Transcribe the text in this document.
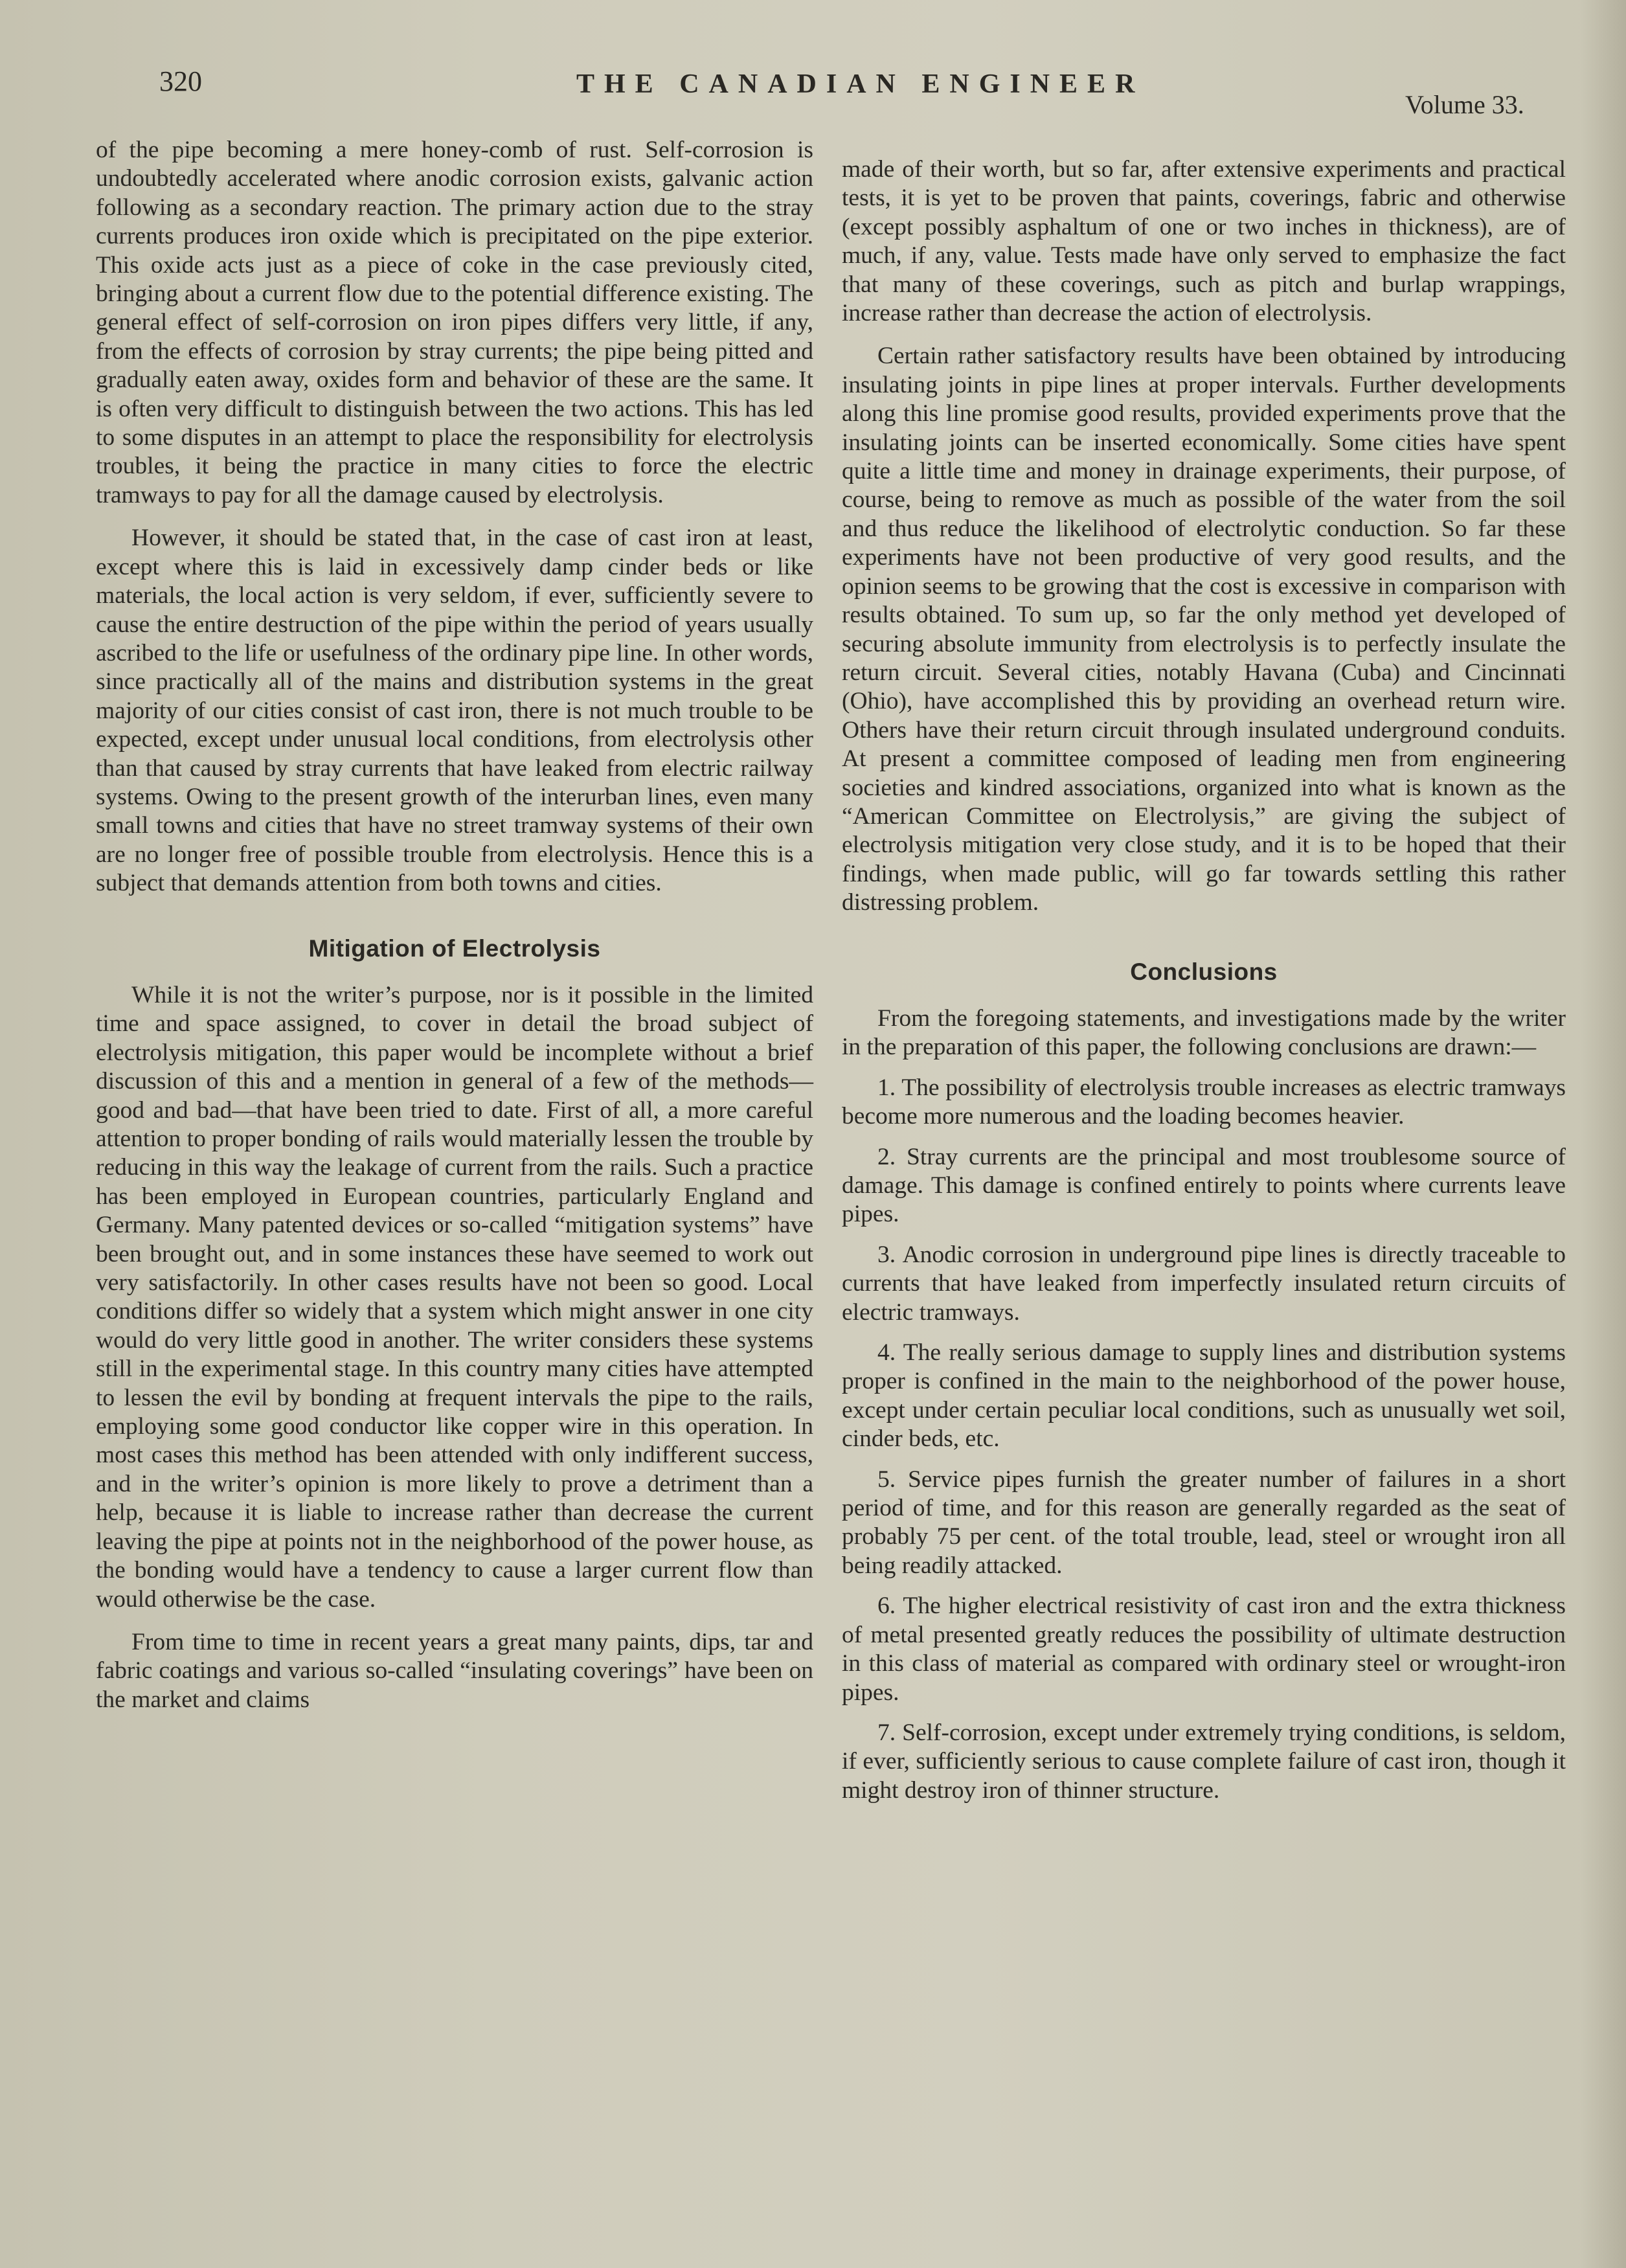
320	THE CANADIAN ENGINEER
Volume 33.

of the pipe becoming a mere honey-comb of rust. Self-corrosion is undoubtedly accelerated where anodic corrosion exists, galvanic action following as a secondary reaction. The primary action due to the stray currents produces iron oxide which is precipitated on the pipe exterior. This oxide acts just as a piece of coke in the case previously cited, bringing about a current flow due to the potential difference existing. The general effect of self-corrosion on iron pipes differs very little, if any, from the effects of corrosion by stray currents; the pipe being pitted and gradually eaten away, oxides form and behavior of these are the same. It is often very difficult to distinguish between the two actions. This has led to some disputes in an attempt to place the responsibility for electrolysis troubles, it being the practice in many cities to force the electric tramways to pay for all the damage caused by electrolysis.

However, it should be stated that, in the case of cast iron at least, except where this is laid in excessively damp cinder beds or like materials, the local action is very seldom, if ever, sufficiently severe to cause the entire destruction of the pipe within the period of years usually ascribed to the life or usefulness of the ordinary pipe line. In other words, since practically all of the mains and distribution systems in the great majority of our cities consist of cast iron, there is not much trouble to be expected, except under unusual local conditions, from electrolysis other than that caused by stray currents that have leaked from electric railway systems. Owing to the present growth of the interurban lines, even many small towns and cities that have no street tramway systems of their own are no longer free of possible trouble from electrolysis. Hence this is a subject that demands attention from both towns and cities.

Mitigation of Electrolysis

While it is not the writer’s purpose, nor is it possible in the limited time and space assigned, to cover in detail the broad subject of electrolysis mitigation, this paper would be incomplete without a brief discussion of this and a mention in general of a few of the methods—good and bad—that have been tried to date. First of all, a more careful attention to proper bonding of rails would materially lessen the trouble by reducing in this way the leakage of current from the rails. Such a practice has been employed in European countries, particularly England and Germany. Many patented devices or so-called “mitigation systems” have been brought out, and in some instances these have seemed to work out very satisfactorily. In other cases results have not been so good. Local conditions differ so widely that a system which might answer in one city would do very little good in another. The writer considers these systems still in the experimental stage. In this country many cities have attempted to lessen the evil by bonding at frequent intervals the pipe to the rails, employing some good conductor like copper wire in this operation. In most cases this method has been attended with only indifferent success, and in the writer’s opinion is more likely to prove a detriment than a help, because it is liable to increase rather than decrease the current leaving the pipe at points not in the neighborhood of the power house, as the bonding would have a tendency to cause a larger current flow than would otherwise be the case.

From time to time in recent years a great many paints, dips, tar and fabric coatings and various so-called “insulating coverings” have been on the market and claims

made of their worth, but so far, after extensive experiments and practical tests, it is yet to be proven that paints, coverings, fabric and otherwise (except possibly asphaltum of one or two inches in thickness), are of much, if any, value. Tests made have only served to emphasize the fact that many of these coverings, such as pitch and burlap wrappings, increase rather than decrease the action of electrolysis.

Certain rather satisfactory results have been obtained by introducing insulating joints in pipe lines at proper intervals. Further developments along this line promise good results, provided experiments prove that the insulating joints can be inserted economically. Some cities have spent quite a little time and money in drainage experiments, their purpose, of course, being to remove as much as possible of the water from the soil and thus reduce the likelihood of electrolytic conduction. So far these experiments have not been productive of very good results, and the opinion seems to be growing that the cost is excessive in comparison with results obtained. To sum up, so far the only method yet developed of securing absolute immunity from electrolysis is to perfectly insulate the return circuit. Several cities, notably Havana (Cuba) and Cincinnati (Ohio), have accomplished this by providing an overhead return wire. Others have their return circuit through insulated underground conduits. At present a committee composed of leading men from engineering societies and kindred associations, organized into what is known as the “American Committee on Electrolysis,” are giving the subject of electrolysis mitigation very close study, and it is to be hoped that their findings, when made public, will go far towards settling this rather distressing problem.

Conclusions

From the foregoing statements, and investigations made by the writer in the preparation of this paper, the following conclusions are drawn:—

1. The possibility of electrolysis trouble increases as electric tramways become more numerous and the loading becomes heavier.

2. Stray currents are the principal and most troublesome source of damage. This damage is confined entirely to points where currents leave pipes.

3. Anodic corrosion in underground pipe lines is directly traceable to currents that have leaked from imperfectly insulated return circuits of electric tramways.

4. The really serious damage to supply lines and distribution systems proper is confined in the main to the neighborhood of the power house, except under certain peculiar local conditions, such as unusually wet soil, cinder beds, etc.

5. Service pipes furnish the greater number of failures in a short period of time, and for this reason are generally regarded as the seat of probably 75 per cent. of the total trouble, lead, steel or wrought iron all being readily attacked.

6. The higher electrical resistivity of cast iron and the extra thickness of metal presented greatly reduces the possibility of ultimate destruction in this class of material as compared with ordinary steel or wrought-iron pipes.

7. Self-corrosion, except under extremely trying conditions, is seldom, if ever, sufficiently serious to cause complete failure of cast iron, though it might destroy iron of thinner structure.
